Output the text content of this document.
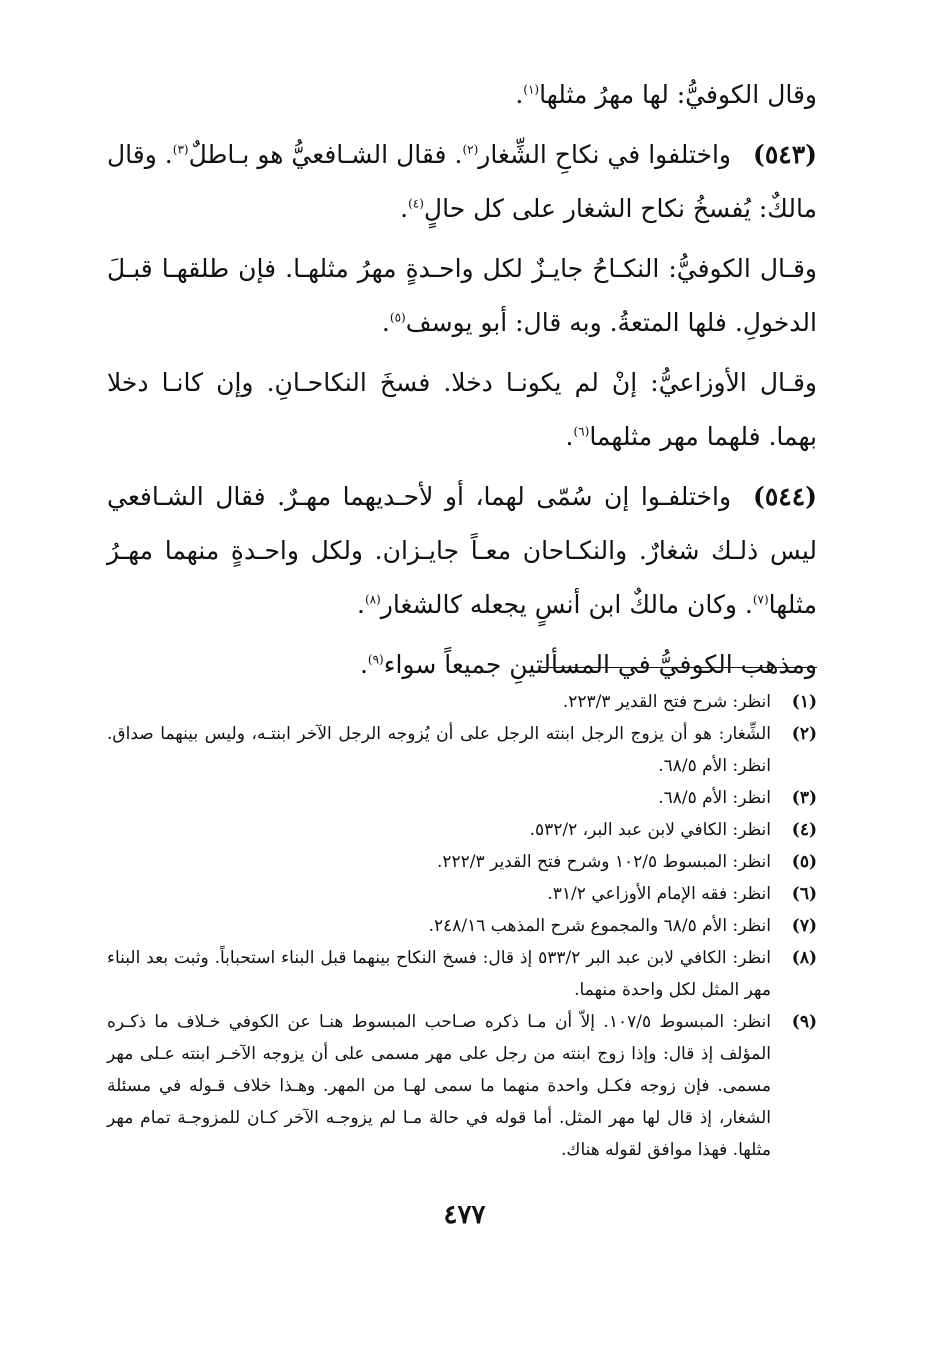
وقال الكوفيُّ: لها مهرُ مثلها$^{(١)}$.

(٥٤٣)واختلفوا في نكاحِ الشِّغار$^{(٢)}$. فقال الشـافعيُّ هو بـاطلٌ$^{(٣)}$. وقال مالكٌ: يُفسخُ نكاح الشغار على كل حالٍ$^{(٤)}$.

وقـال الكوفيُّ: النكـاحُ جايـزٌ لكل واحـدةٍ مهرُ مثلهـا. فإن طلقهـا قبـلَ الدخولِ. فلها المتعةُ. وبه قال: أبو يوسف$^{(٥)}$.

وقـال الأوزاعيُّ: إنْ لم يكونـا دخلا. فسخَ النكاحـانِ. وإن كانـا دخلا بهما. فلهما مهر مثلهما$^{(٦)}$.

(٥٤٤)واختلفـوا إن سُمّى لهما، أو لأحـديهما مهـرٌ. فقال الشـافعي ليس ذلـك شغارٌ. والنكـاحان معـاً جايـزان. ولكل واحـدةٍ منهما مهـرُ مثلها$^{(٧)}$. وكان مالكٌ ابن أنسٍ يجعله كالشغار$^{(٨)}$.

ومذهب الكوفيُّ في المسألتينِ جميعاً سواء$^{(٩)}$.

(١)
انظر: شرح فتح القدير ٢٢٣/٣.
(٢)
الشِّغار: هو أن يزوج الرجل ابنته الرجل على أن يُزوجه الرجل الآخر ابنتـه، وليس بينهما صداق. انظر: الأم ٦٨/٥.
(٣)
انظر: الأم ٦٨/٥.
(٤)
انظر: الكافي لابن عبد البر، ٥٣٢/٢.
(٥)
انظر: المبسوط ١٠٢/٥ وشرح فتح القدير ٢٢٢/٣.
(٦)
انظر: فقه الإمام الأوزاعي ٣١/٢.
(٧)
انظر: الأم ٦٨/٥ والمجموع شرح المذهب ٢٤٨/١٦.
(٨)
انظر: الكافي لابن عبد البر ٥٣٣/٢ إذ قال: فسخ النكاح بينهما قبل البناء استحباباً. وثبت بعد البناء مهر المثل لكل واحدة منهما.
(٩)
انظر: المبسوط ١٠٧/٥. إلاّ أن مـا ذكره صـاحب المبسوط هنـا عن الكوفي خـلاف ما ذكـره المؤلف إذ قال: وإذا زوج ابنته من رجل على مهر مسمى على أن يزوجه الآخـر ابنته عـلى مهر مسمى. فإن زوجه فكـل واحدة منهما ما سمى لهـا من المهر. وهـذا خلاف قـوله في مسئلة الشغار، إذ قال لها مهر المثل. أما قوله في حالة مـا لم يزوجـه الآخر كـان للمزوجـة تمام مهر مثلها. فهذا موافق لقوله هناك.
٤٧٧
